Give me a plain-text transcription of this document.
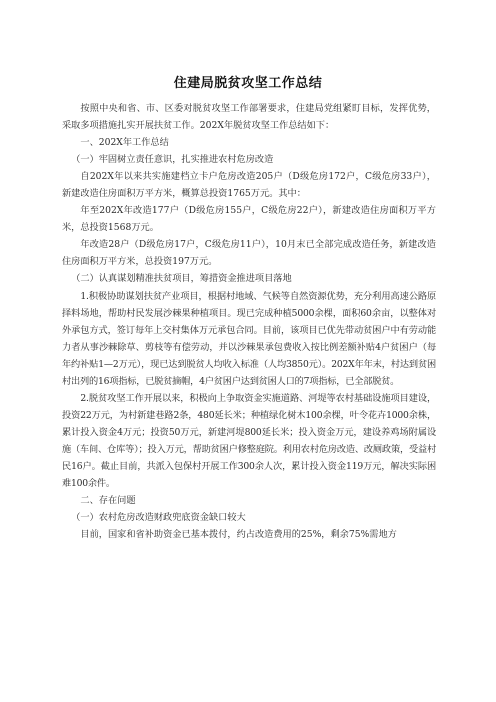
住建局脱贫攻坚工作总结

按照中央和省、市、区委对脱贫攻坚工作部署要求，住建局党组紧盯目标，发挥优势，采取多项措施扎实开展扶贫工作。202X年脱贫攻坚工作总结如下：

一、202X年工作总结

（一）牢固树立责任意识，扎实推进农村危房改造

自202X年以来共实施建档立卡户危房改造205户（D级危房172户，C级危房33户），新建改造住房面积万平方米，概算总投资1765万元。其中：

年至202X年改造177户（D级危房155户，C级危房22户），新建改造住房面积万平方米，总投资1568万元。

年改造28户（D级危房17户，C级危房11户），10月末已全部完成改造任务，新建改造住房面积万平方米，总投资197万元。

（二）认真谋划精准扶贫项目，筹措资金推进项目落地

1.积极协助谋划扶贫产业项目，根据村地域、气候等自然资源优势，充分利用高速公路原择料场地，帮助村民发展沙棘果种植项目。现已完成种植5000余棵，面积60余亩，以整体对外承包方式，签订每年上交村集体万元承包合同。目前，该项目已优先带动贫困户中有劳动能力者从事沙棘除草、剪枝等有偿劳动，并以沙棘果承包费收入按比例差额补贴4户贫困户（每年约补贴1—2万元），现已达到脱贫人均收入标准（人均3850元）。202X年年末，村达到贫困村出列的16项指标，已脱贫摘帽，4户贫困户达到贫困人口的7项指标，已全部脱贫。

2.脱贫攻坚工作开展以来，积极向上争取资金实施道路、河堤等农村基础设施项目建设，投资22万元，为村新建巷路2条，480延长米；种植绿化树木100余棵，叶令花卉1000余株，累计投入资金4万元；投资50万元，新建河堤800延长米；投入资金万元，建设养鸡场附属设施（车间、仓库等）；投入万元，帮助贫困户修整庭院。利用农村危房改造、改厕政策，受益村民16户。截止目前，共派入包保村开展工作300余人次，累计投入资金119万元，解决实际困难100余件。

二、存在问题

（一）农村危房改造财政兜底资金缺口较大

目前，国家和省补助资金已基本拨付，约占改造费用的25%，剩余75%需地方
